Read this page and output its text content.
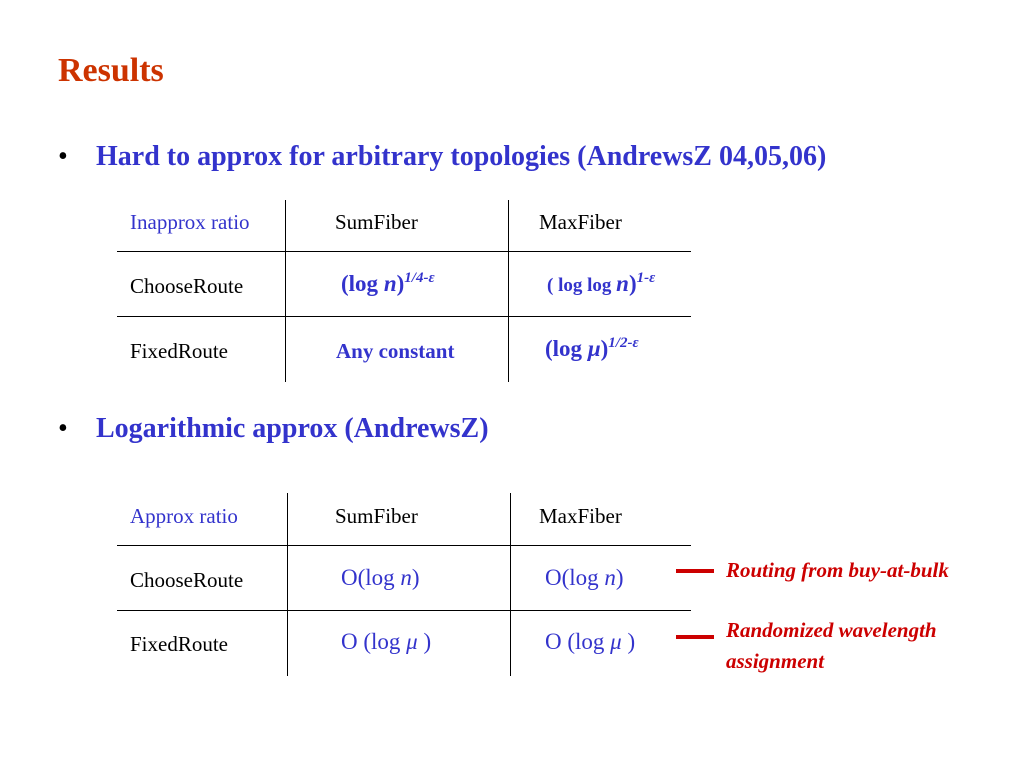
Results
• Hard to approx for arbitrary topologies (AndrewsZ 04,05,06)
Inapprox ratio	SumFiber	MaxFiber
ChooseRoute	(log n)$^{1/4-\varepsilon}$	( log log n)$^{1-\varepsilon}$
FixedRoute	Any constant	(log μ)$^{1/2-\varepsilon}$
• Logarithmic approx (AndrewsZ)
Approx ratio	SumFiber	MaxFiber
ChooseRoute	O(log n)	O(log n)
FixedRoute	O (log μ )	O (log μ )
Routing from buy-at-bulk
Randomized wavelength assignment
